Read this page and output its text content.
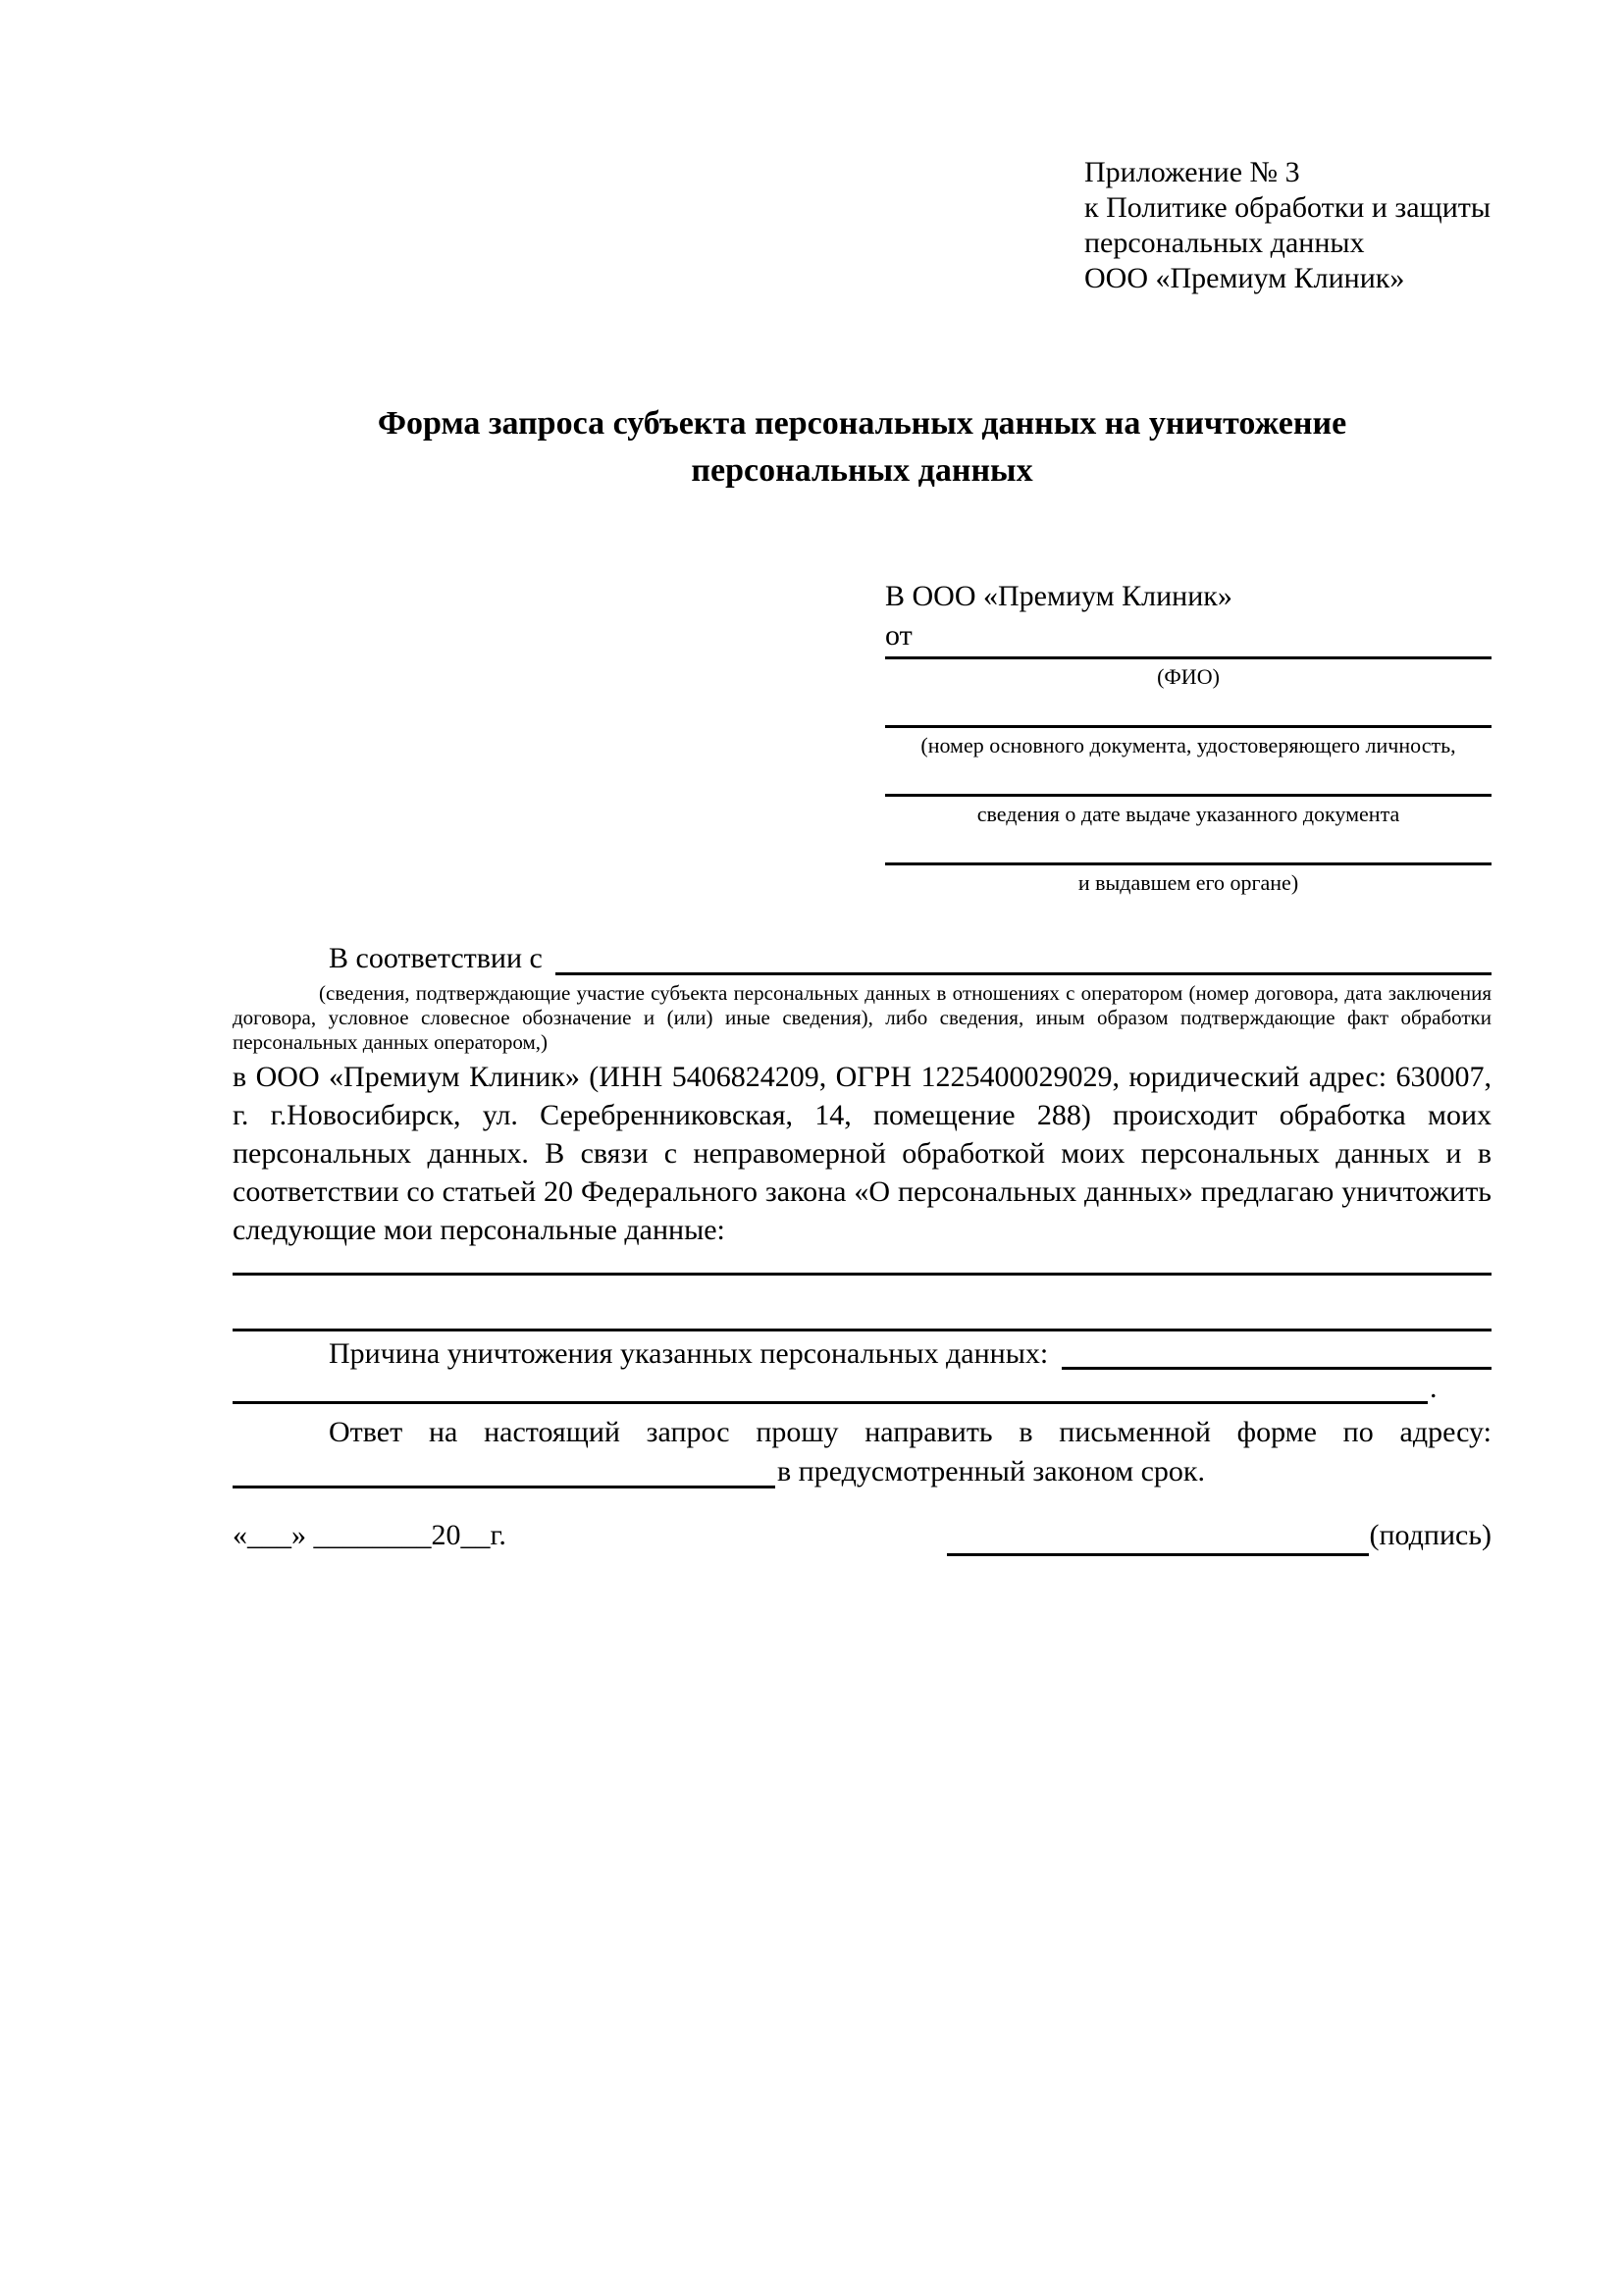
Приложение № 3
к Политике обработки и защиты
персональных данных
ООО «Премиум Клиник»
Форма запроса субъекта персональных данных на уничтожение
персональных данных
В ООО «Премиум Клиник»
от
(ФИО)
(номер основного документа, удостоверяющего личность,
сведения о дате выдаче указанного документа
и выдавшем его органе)
В соответствии с
(сведения, подтверждающие участие субъекта персональных данных в отношениях с оператором (номер договора, дата заключения договора, условное словесное обозначение и (или) иные сведения), либо сведения, иным образом подтверждающие факт обработки персональных данных оператором,)
в ООО «Премиум Клиник» (ИНН 5406824209, ОГРН 1225400029029, юридический адрес: 630007, г. г.Новосибирск, ул. Серебренниковская, 14, помещение 288) происходит обработка моих персональных данных. В связи с неправомерной обработкой моих персональных данных и в соответствии со статьей 20 Федерального закона «О персональных данных» предлагаю уничтожить следующие мои персональные данные:
Причина уничтожения указанных персональных данных:
.
Ответ на настоящий запрос прошу направить в письменной форме по адресу:
в предусмотренный законом срок.
«___» ________20__г.	(подпись)
